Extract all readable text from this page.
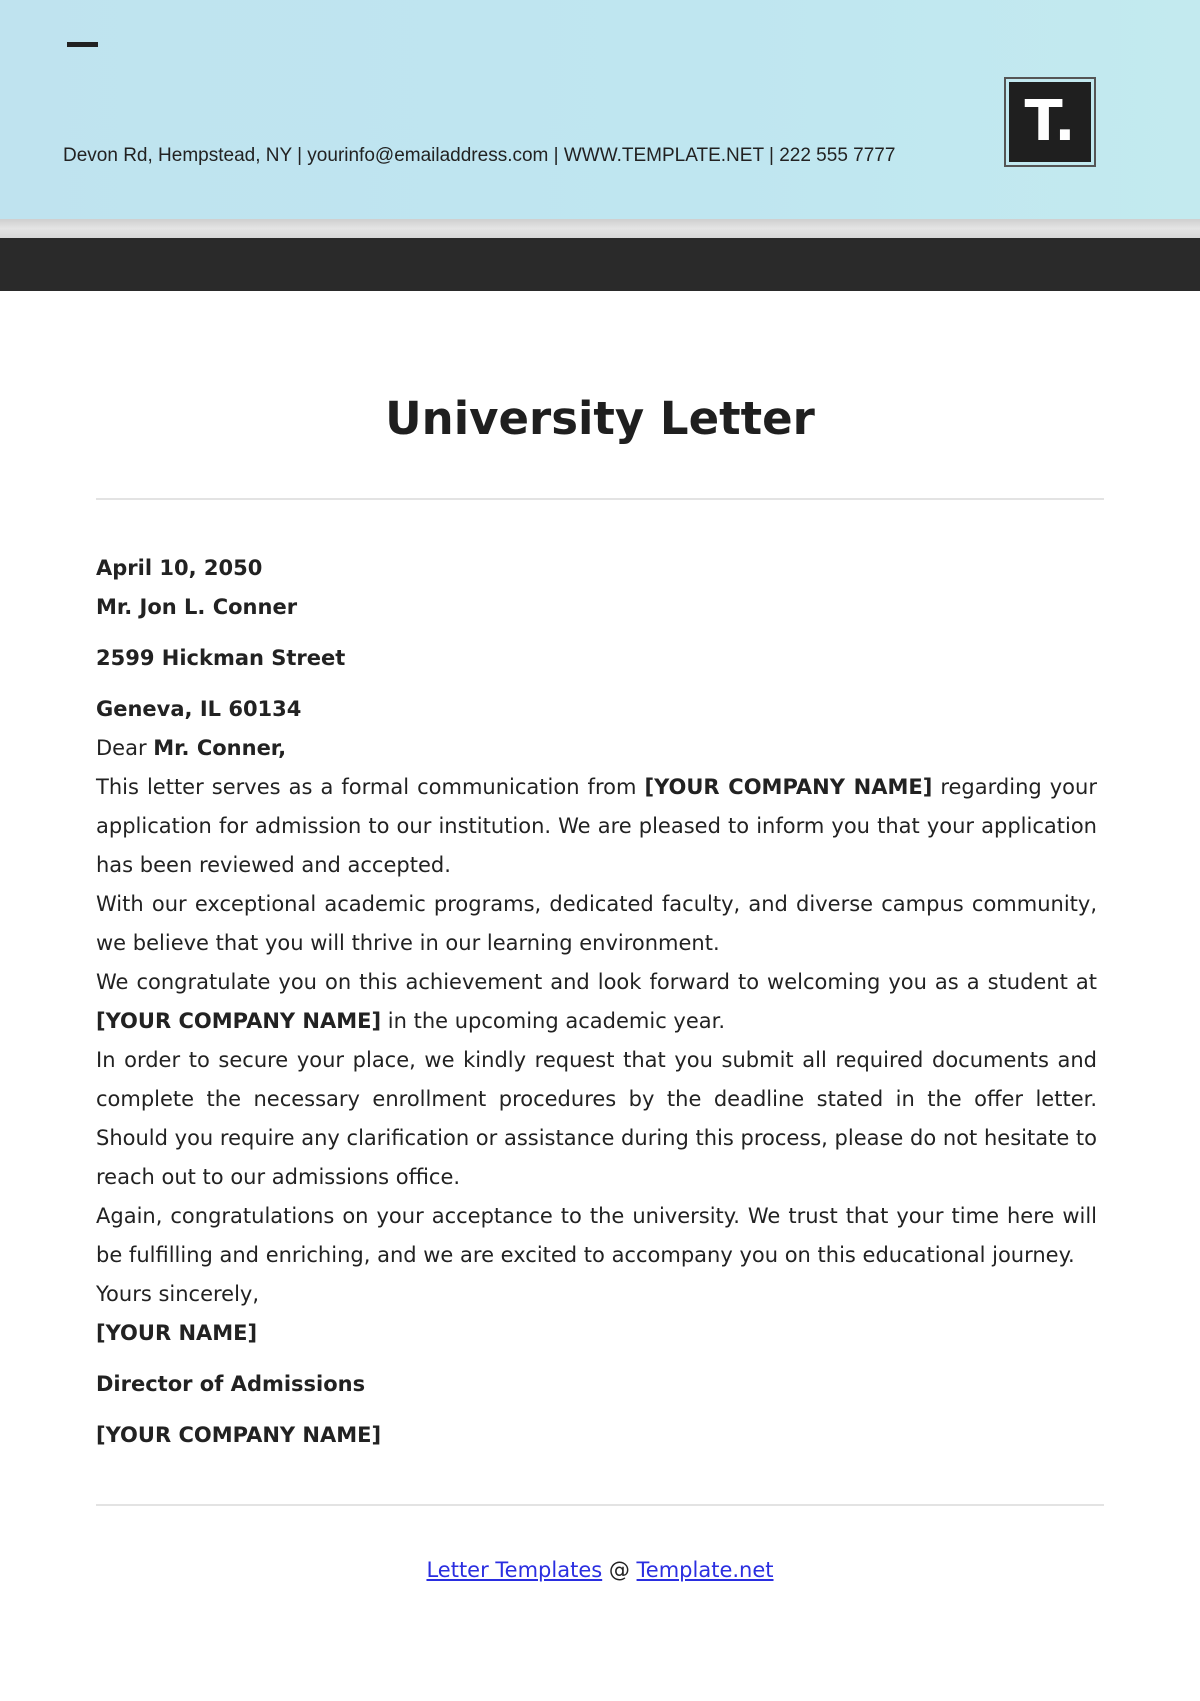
Devon Rd, Hempstead, NY | yourinfo@emailaddress.com | WWW.TEMPLATE.NET | 222 555 7777
T.
University Letter

April 10, 2050

Mr. Jon L. Conner

2599 Hickman Street

Geneva, IL 60134

Dear Mr. Conner,

This letter serves as a formal communication from [YOUR COMPANY NAME] regarding your application for admission to our institution. We are pleased to inform you that your application has been reviewed and accepted.

With our exceptional academic programs, dedicated faculty, and diverse campus community, we believe that you will thrive in our learning environment.

We congratulate you on this achievement and look forward to welcoming you as a student at [YOUR COMPANY NAME] in the upcoming academic year.

In order to secure your place, we kindly request that you submit all required documents and complete the necessary enrollment procedures by the deadline stated in the offer letter. Should you require any clarification or assistance during this process, please do not hesitate to reach out to our admissions office.

Again, congratulations on your acceptance to the university. We trust that your time here will be fulfilling and enriching, and we are excited to accompany you on this educational journey.

Yours sincerely,

[YOUR NAME]

Director of Admissions

[YOUR COMPANY NAME]

Letter Templates @ Template.net
